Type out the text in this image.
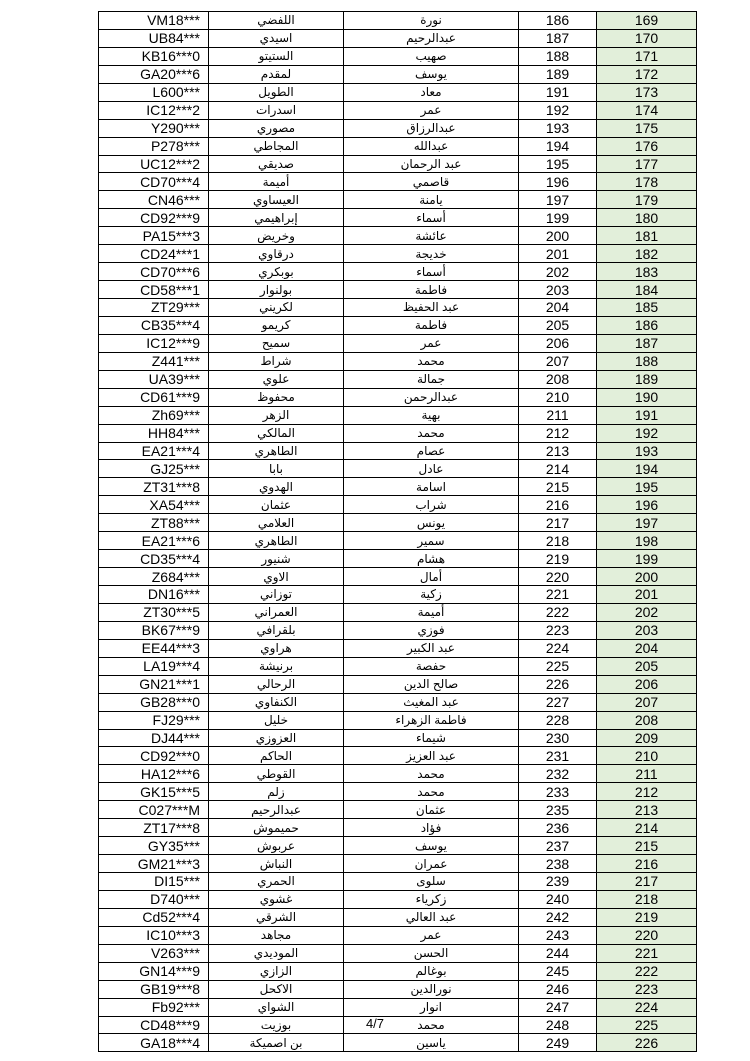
VM18***	اللفضي	نورة	186	169
UB84***	اسيدي	عبدالرحيم	187	170
KB16***0	الستيتو	صهيب	188	171
GA20***6	لمقدم	يوسف	189	172
L600***	الطويل	معاد	191	173
IC12***2	اسدرات	عمر	192	174
Y290***	مصوري	عبدالرزاق	193	175
P278***	المجاطي	عبدالله	194	176
UC12***2	صديقي	عبد الرحمان	195	177
CD70***4	أميمة	قاصمي	196	178
CN46***	العيساوي	يامنة	197	179
CD92***9	إبراهيمي	أسماء	199	180
PA15***3	وخريض	عائشة	200	181
CD24***1	درقاوي	خديجة	201	182
CD70***6	بوبكري	أسماء	202	183
CD58***1	بولنوار	فاطمة	203	184
ZT29***	لكريني	عبد الحفيظ	204	185
CB35***4	كريمو	فاطمة	205	186
IC12***9	سميح	عمر	206	187
Z441***	شراط	محمد	207	188
UA39***	علوي	جمالة	208	189
CD61***9	محفوظ	عبدالرحمن	210	190
Zh69***	الزهر	بهية	211	191
HH84***	المالكي	محمد	212	192
EA21***4	الطاهري	عصام	213	193
GJ25***	بابا	عادل	214	194
ZT31***8	الهدوي	اسامة	215	195
XA54***	عثمان	شراب	216	196
ZT88***	العلامي	يونس	217	197
EA21***6	الطاهري	سمير	218	198
CD35***4	شنيور	هشام	219	199
Z684***	الاوي	أمال	220	200
DN16***	توزاني	زكية	221	201
ZT30***5	العمراني	أميمة	222	202
BK67***9	بلقرافي	فوزي	223	203
EE44***3	هراوي	عبد الكبير	224	204
LA19***4	برنيشة	حفصة	225	205
GN21***1	الرحالي	صالح الدين	226	206
GB28***0	الكنفاوي	عبد المغيث	227	207
FJ29***	خليل	فاطمة الزهراء	228	208
DJ44***	العزوزي	شيماء	230	209
CD92***0	الحاكم	عبد العزيز	231	210
HA12***6	القوطي	محمد	232	211
GK15***5	زلم	محمد	233	212
C027***M	عبدالرحيم	عثمان	235	213
ZT17***8	حميموش	فؤاد	236	214
GY35***	عربوش	يوسف	237	215
GM21***3	النباش	عمران	238	216
DI15***	الحمري	سلوى	239	217
D740***	غشوي	زكرياء	240	218
Cd52***4	الشرقي	عبد العالي	242	219
IC10***3	مجاهد	عمر	243	220
V263***	الموديدي	الحسن	244	221
GN14***9	الزازي	بوغالم	245	222
GB19***8	الاكحل	نورالدين	246	223
Fb92***	الشواي	انوار	247	224
CD48***9	بوزيت	محمد	248	225
GA18***4	بن اصميكة	ياسين	249	226
4/7
